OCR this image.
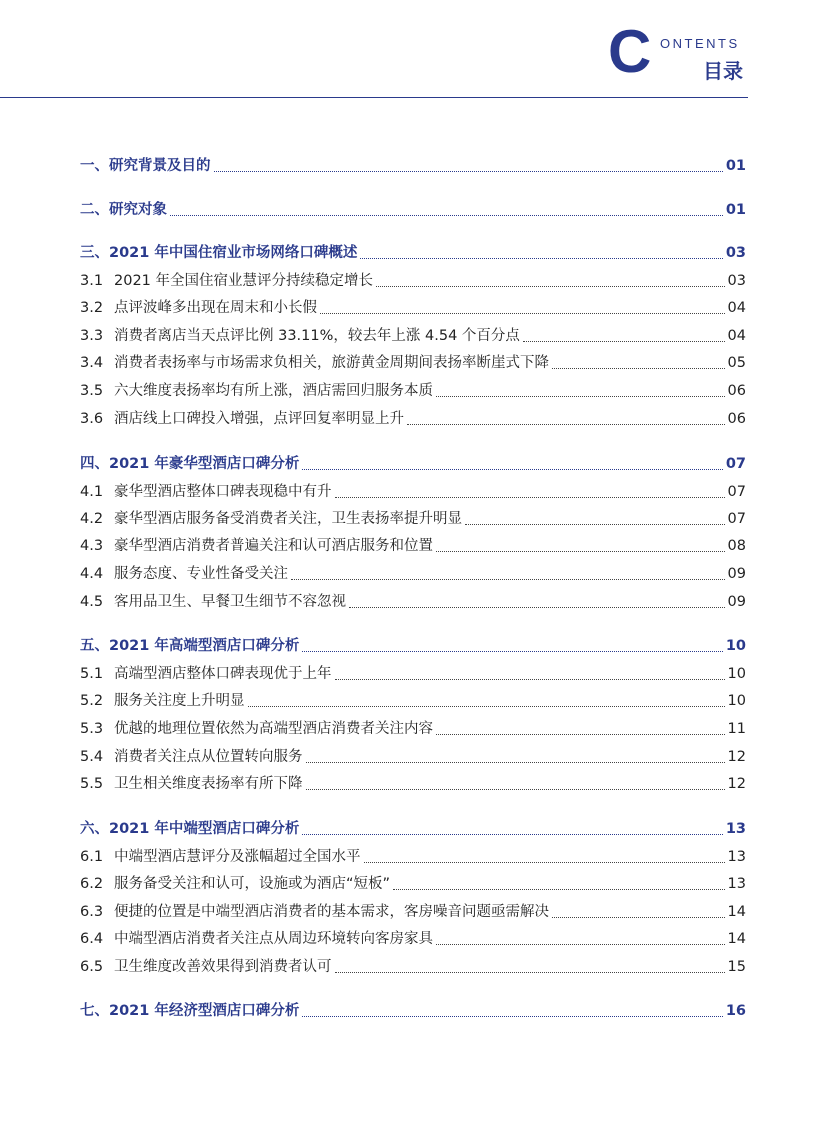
C ONTENTS
目录
一、研究背景及目的	01
二、研究对象	01
三、2021 年中国住宿业市场网络口碑概述	03
3.1 2021 年全国住宿业慧评分持续稳定增长	03
3.2 点评波峰多出现在周末和小长假	04
3.3 消费者离店当天点评比例 33.11%，较去年上涨 4.54 个百分点	04
3.4 消费者表扬率与市场需求负相关，旅游黄金周期间表扬率断崖式下降	05
3.5 六大维度表扬率均有所上涨，酒店需回归服务本质	06
3.6 酒店线上口碑投入增强，点评回复率明显上升	06
四、2021 年豪华型酒店口碑分析	07
4.1 豪华型酒店整体口碑表现稳中有升	07
4.2 豪华型酒店服务备受消费者关注，卫生表扬率提升明显	07
4.3 豪华型酒店消费者普遍关注和认可酒店服务和位置	08
4.4 服务态度、专业性备受关注	09
4.5 客用品卫生、早餐卫生细节不容忽视	09
五、2021 年高端型酒店口碑分析	10
5.1 高端型酒店整体口碑表现优于上年	10
5.2 服务关注度上升明显	10
5.3 优越的地理位置依然为高端型酒店消费者关注内容	11
5.4 消费者关注点从位置转向服务	12
5.5 卫生相关维度表扬率有所下降	12
六、2021 年中端型酒店口碑分析	13
6.1 中端型酒店慧评分及涨幅超过全国水平	13
6.2 服务备受关注和认可，设施或为酒店“短板”	13
6.3 便捷的位置是中端型酒店消费者的基本需求，客房噪音问题亟需解决	14
6.4 中端型酒店消费者关注点从周边环境转向客房家具	14
6.5 卫生维度改善效果得到消费者认可	15
七、2021 年经济型酒店口碑分析	16
